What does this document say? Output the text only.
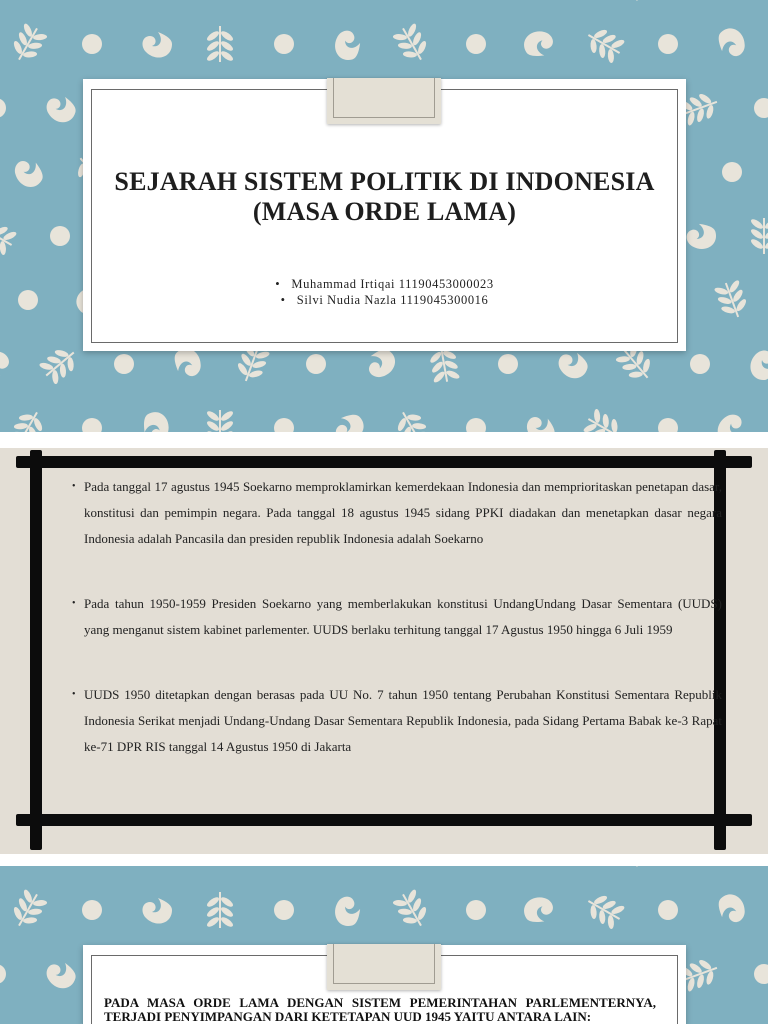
SEJARAH SISTEM POLITIK DI INDONESIA (MASA ORDE LAMA)
•   Muhammad Irtiqai 11190453000023
•   Silvi Nudia Nazla 1119045300016
• Pada tanggal 17 agustus 1945 Soekarno memproklamirkan kemerdekaan Indonesia dan memprioritaskan penetapan dasar, konstitusi dan pemimpin negara. Pada tanggal 18 agustus 1945 sidang PPKI diadakan dan menetapkan dasar negara Indonesia adalah Pancasila dan presiden republik Indonesia adalah Soekarno
• Pada tahun 1950-1959 Presiden Soekarno yang memberlakukan konstitusi UndangUndang Dasar Sementara (UUDS) yang menganut sistem kabinet parlementer. UUDS berlaku terhitung tanggal 17 Agustus 1950 hingga 6 Juli 1959
• UUDS 1950 ditetapkan dengan berasas pada UU No. 7 tahun 1950 tentang Perubahan Konstitusi Sementara Republik Indonesia Serikat menjadi Undang-Undang Dasar Sementara Republik Indonesia, pada Sidang Pertama Babak ke-3 Rapat ke-71 DPR RIS tanggal 14 Agustus 1950 di Jakarta
PADA MASA ORDE LAMA DENGAN SISTEM PEMERINTAHAN PARLEMENTERNYA, TERJADI PENYIMPANGAN DARI KETETAPAN UUD 1945 YAITU ANTARA LAIN:
